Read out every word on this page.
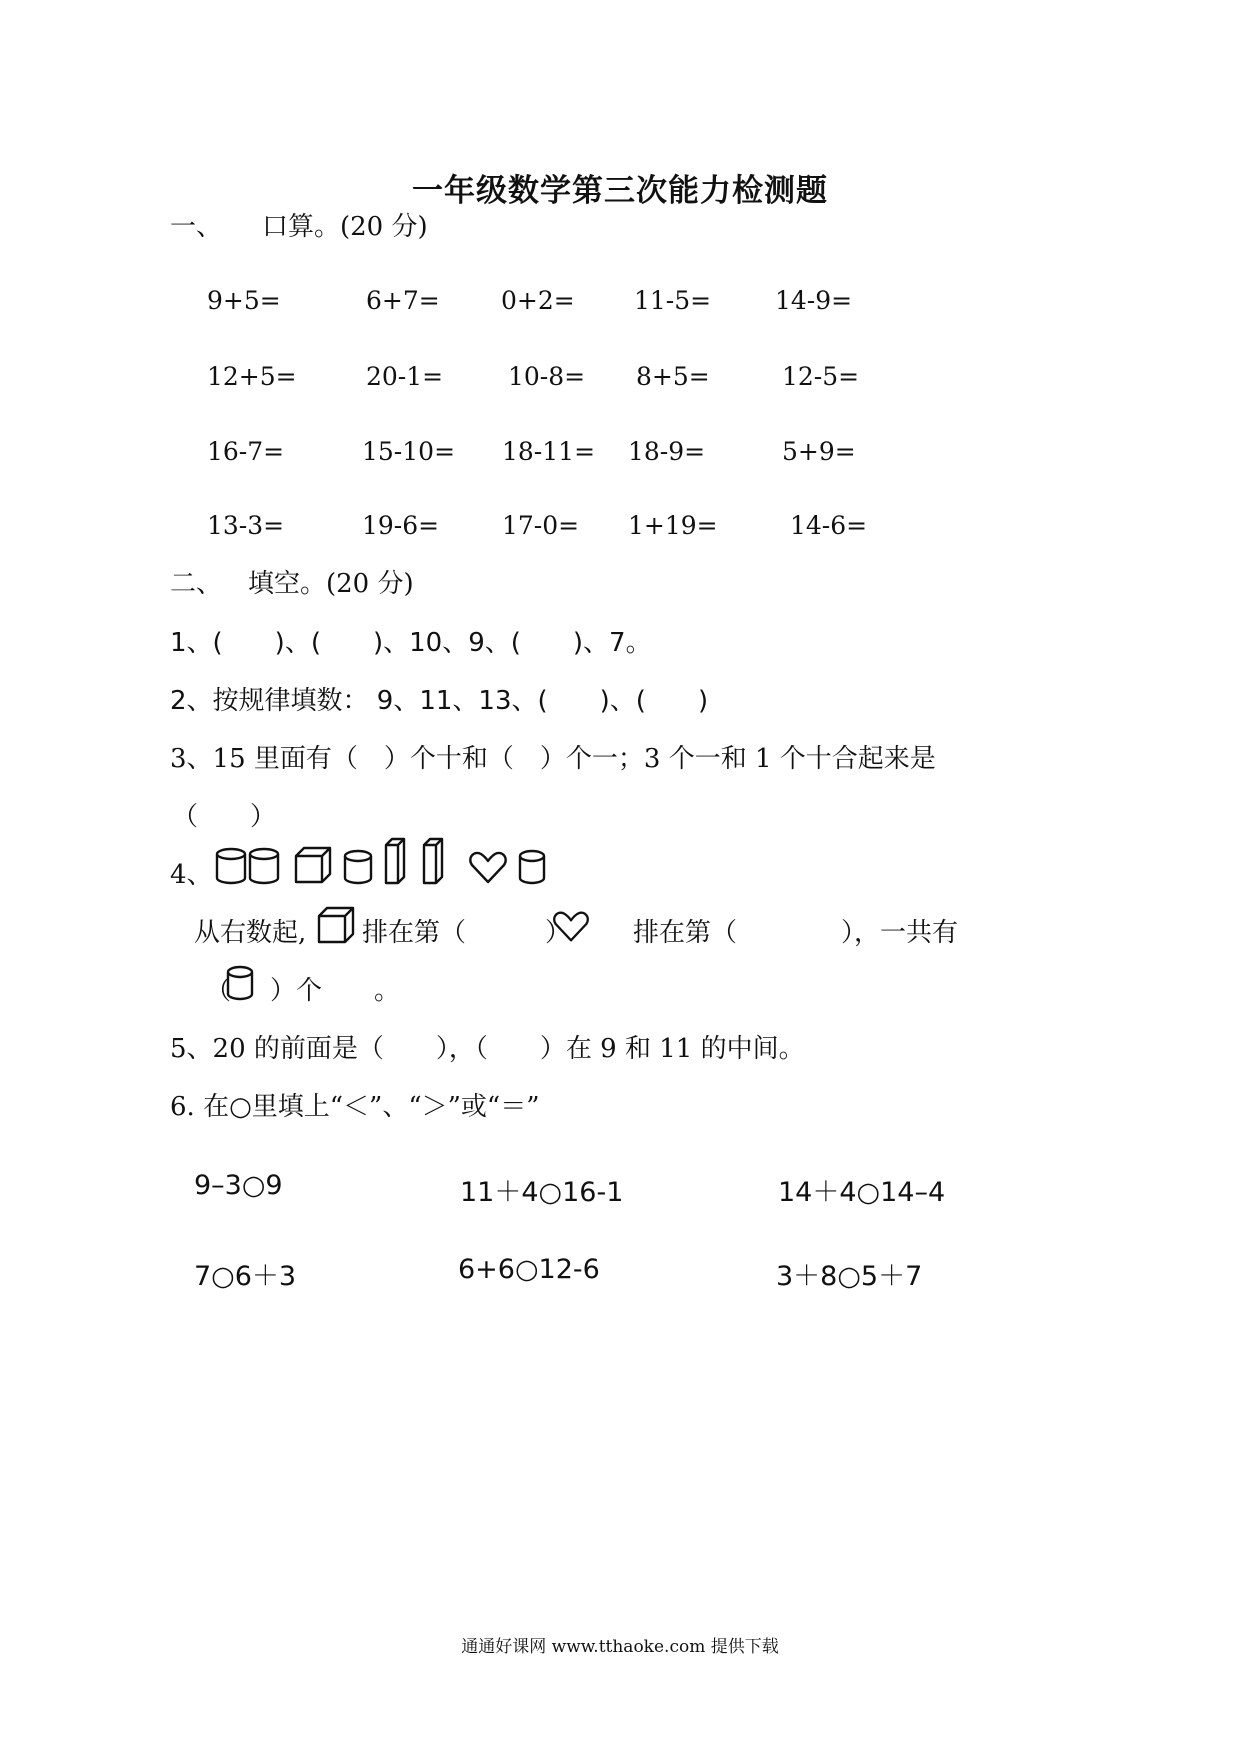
一年级数学第三次能力检测题
一、 口算。(20 分)
9+5=	6+7= 0+2= 11-5=	14-9=
12+5=	20-1=	10-8= 8+5=	12-5=
16-7=	15-10= 18-11= 18-9=	5+9=
13-3=	19-6=	17-0= 1+19=	14-6=
二、 填空。(20 分)
1、(　　)、(　　)、10、9、(　　)、7。
2、按规律填数： 9、11、13、(　　)、(　　)
3、15 里面有（　）个十和（　）个一；3 个一和 1 个十合起来是
（　　）
4、
从右数起, 排在第（	） 排在第（　　　　），一共有
（ ）个　　。
5、20 的前面是（　　），（　　）在 9 和 11 的中间。
6. 在○里填上“＜”、“＞”或“＝”
9–3○9	11＋4○16-1	14＋4○14–4
7○6＋3	6+6○12-6	3＋8○5＋7
通通好课网 www.tthaoke.com 提供下载
